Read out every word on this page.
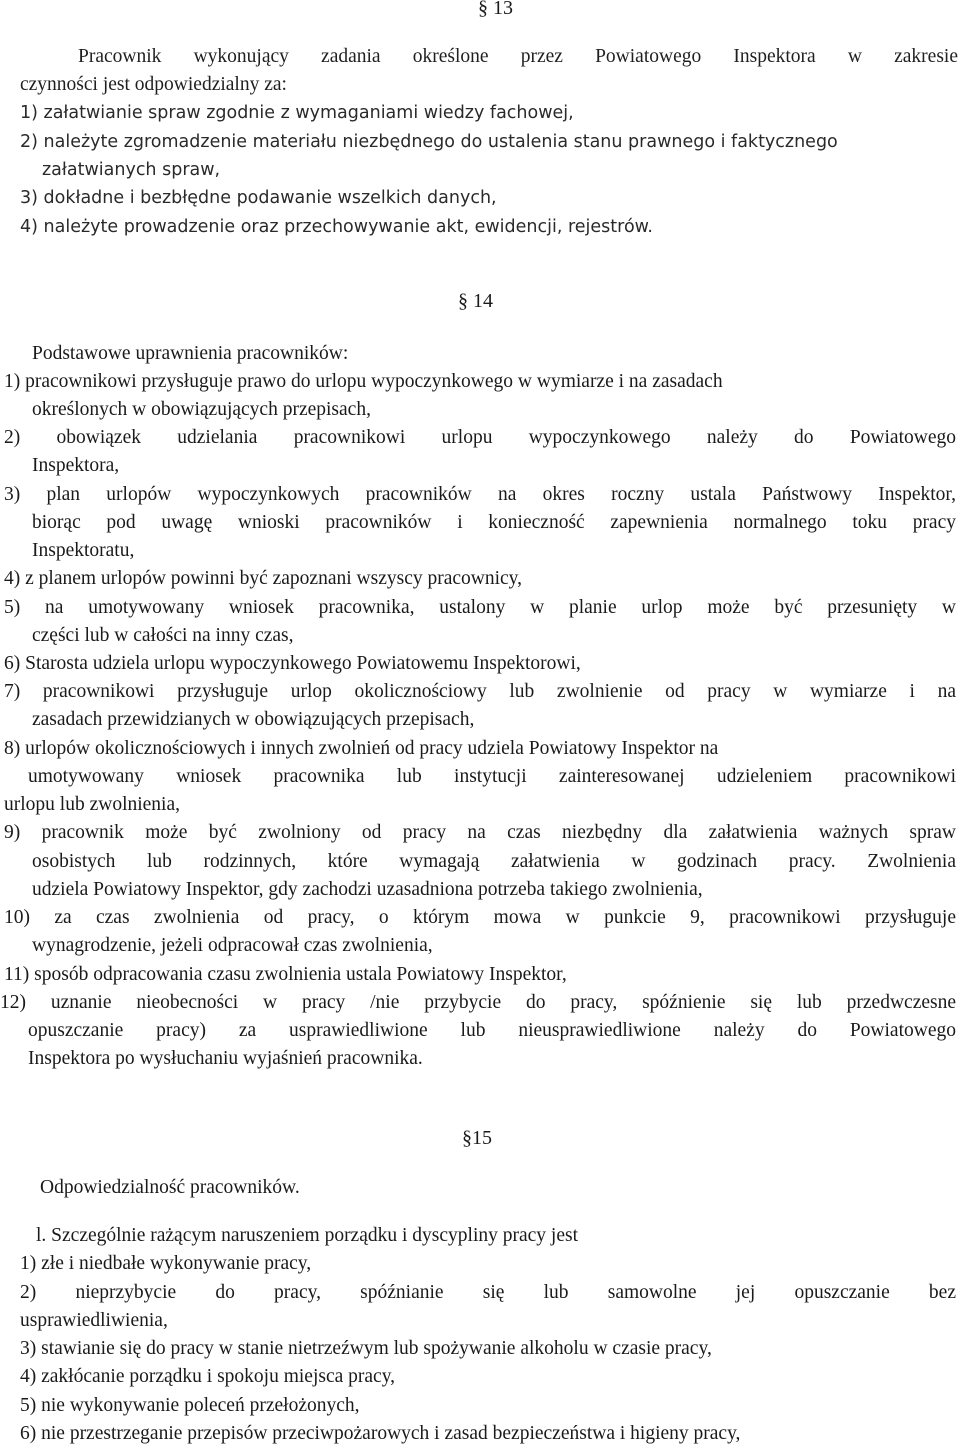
§ 13
Pracownik wykonujący zadania określone przez Powiatowego Inspektora w zakresie
czynności jest odpowiedzialny za:
1) załatwianie spraw zgodnie z wymaganiami wiedzy fachowej,
2) należyte zgromadzenie materiału niezbędnego do ustalenia stanu prawnego i faktycznego
załatwianych spraw,
3) dokładne i bezbłędne podawanie wszelkich danych,
4) należyte prowadzenie oraz przechowywanie akt, ewidencji, rejestrów.
§ 14
Podstawowe uprawnienia pracowników:
1) pracownikowi przysługuje prawo do urlopu wypoczynkowego w wymiarze i na zasadach
określonych w obowiązujących przepisach,
2) obowiązek udzielania pracownikowi urlopu wypoczynkowego należy do Powiatowego
Inspektora,
3) plan urlopów wypoczynkowych pracowników na okres roczny ustala Państwowy Inspektor,
biorąc pod uwagę wnioski pracowników i konieczność zapewnienia normalnego toku pracy
Inspektoratu,
4) z planem urlopów powinni być zapoznani wszyscy pracownicy,
5) na umotywowany wniosek pracownika, ustalony w planie urlop może być przesunięty w
części lub w całości na inny czas,
6) Starosta udziela urlopu wypoczynkowego Powiatowemu Inspektorowi,
7) pracownikowi przysługuje urlop okolicznościowy lub zwolnienie od pracy w wymiarze i na
zasadach przewidzianych w obowiązujących przepisach,
8) urlopów okolicznościowych i innych zwolnień od pracy udziela Powiatowy Inspektor na
umotywowany wniosek pracownika lub instytucji zainteresowanej udzieleniem pracownikowi
urlopu lub zwolnienia,
9) pracownik może być zwolniony od pracy na czas niezbędny dla załatwienia ważnych spraw
osobistych lub rodzinnych, które wymagają załatwienia w godzinach pracy. Zwolnienia
udziela Powiatowy Inspektor, gdy zachodzi uzasadniona potrzeba takiego zwolnienia,
10) za czas zwolnienia od pracy, o którym mowa w punkcie 9, pracownikowi przysługuje
wynagrodzenie, jeżeli odpracował czas zwolnienia,
11) sposób odpracowania czasu zwolnienia ustala Powiatowy Inspektor,
12) uznanie nieobecności w pracy /nie przybycie do pracy, spóźnienie się lub przedwczesne
opuszczanie pracy) za usprawiedliwione lub nieusprawiedliwione należy do Powiatowego
Inspektora po wysłuchaniu wyjaśnień pracownika.
§15
Odpowiedzialność pracowników.
l. Szczególnie rażącym naruszeniem porządku i dyscypliny pracy jest
1) złe i niedbałe wykonywanie pracy,
2) nieprzybycie do pracy, spóźnianie się lub samowolne jej opuszczanie bez
usprawiedliwienia,
3) stawianie się do pracy w stanie nietrzeźwym lub spożywanie alkoholu w czasie pracy,
4) zakłócanie porządku i spokoju miejsca pracy,
5) nie wykonywanie poleceń przełożonych,
6) nie przestrzeganie przepisów przeciwpożarowych i zasad bezpieczeństwa i higieny pracy,
